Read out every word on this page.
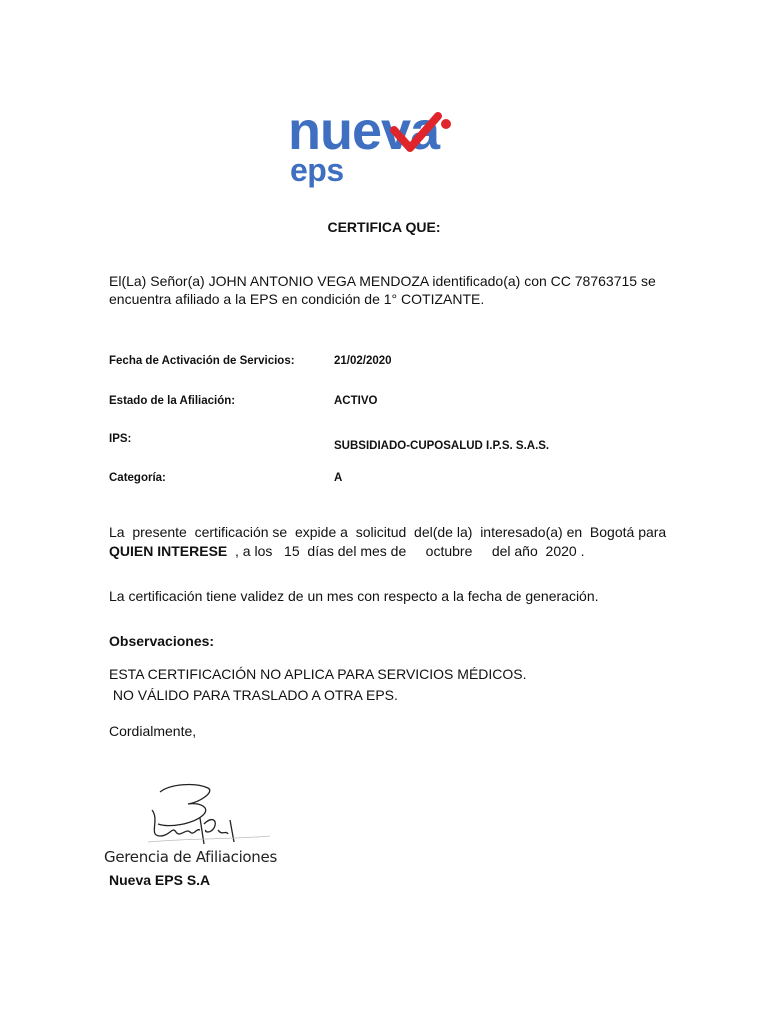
nueva
eps
CERTIFICA QUE:
El(La) Señor(a) JOHN ANTONIO VEGA MENDOZA identificado(a) con CC 78763715 se
encuentra afiliado a la EPS en condición de 1° COTIZANTE.
Fecha de Activación de Servicios:	21/02/2020
Estado de la Afiliación:	ACTIVO
IPS:
SUBSIDIADO-CUPOSALUD I.P.S. S.A.S.
Categoría:	A
La  presente  certificación se  expide a  solicitud  del(de la)  interesado(a) en  Bogotá para
QUIEN INTERESE  , a los   15  días del mes de     octubre     del año  2020 .
La certificación tiene validez de un mes con respecto a la fecha de generación.
Observaciones:
ESTA CERTIFICACIÓN NO APLICA PARA SERVICIOS MÉDICOS.
NO VÁLIDO PARA TRASLADO A OTRA EPS.
Cordialmente,
Gerencia de Afiliaciones
Nueva EPS S.A
